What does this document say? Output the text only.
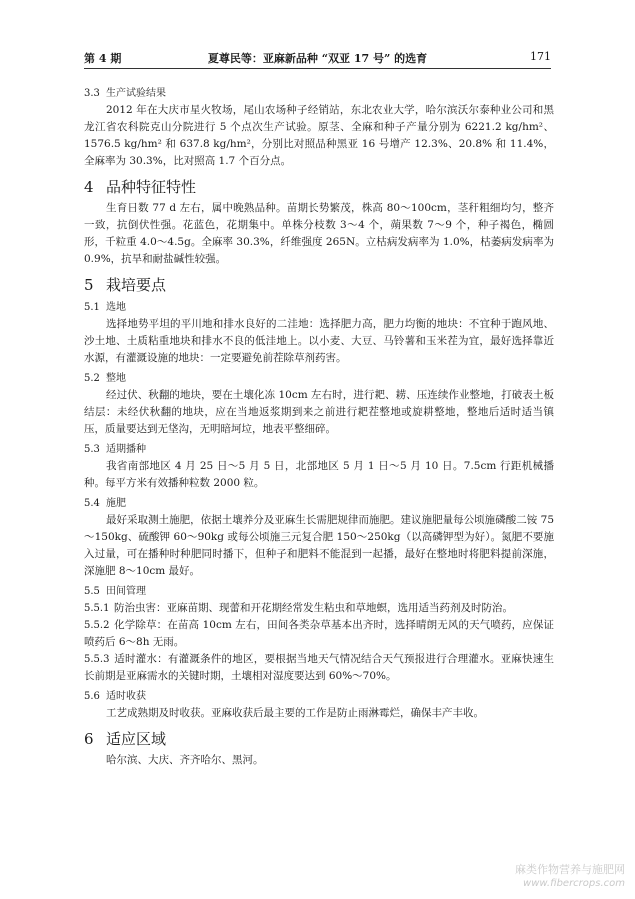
第 4 期	夏尊民等：亚麻新品种 “双亚 17 号” 的选育	171
3.3 生产试验结果

2012 年在大庆市星火牧场，尾山农场种子经销站，东北农业大学，哈尔滨沃尔泰种业公司和黑龙江省农科院克山分院进行 5 个点次生产试验。原茎、全麻和种子产量分别为 6221.2 kg/hm²、1576.5 kg/hm² 和 637.8 kg/hm²，分别比对照品种黑亚 16 号增产 12.3%、20.8% 和 11.4%，全麻率为 30.3%，比对照高 1.7 个百分点。

4 品种特征特性

生育日数 77 d 左右，属中晚熟品种。苗期长势繁茂，株高 80～100cm，茎秆粗细均匀，整齐一致，抗倒伏性强。花蓝色，花期集中。单株分枝数 3～4 个，蒴果数 7～9 个，种子褐色，椭圆形，千粒重 4.0～4.5g。全麻率 30.3%，纤维强度 265N。立枯病发病率为 1.0%，枯萎病发病率为 0.9%，抗旱和耐盐碱性较强。

5 栽培要点
5.1 选地

选择地势平坦的平川地和排水良好的二洼地：选择肥力高，肥力均衡的地块：不宜种于跑风地、沙土地、土质粘重地块和排水不良的低洼地上。以小麦、大豆、马铃薯和玉米茬为宜，最好选择靠近水源，有灌溉设施的地块：一定要避免前茬除草剂药害。

5.2 整地

经过伏、秋翻的地块，要在土壤化冻 10cm 左右时，进行耙、耢、压连续作业整地，打破表土板结层：未经伏秋翻的地块，应在当地返浆期到来之前进行耙茬整地或旋耕整地，整地后适时适当镇压，质量要达到无垡沟，无明暗坷垃，地表平整细碎。

5.3 适期播种

我省南部地区 4 月 25 日～5 月 5 日，北部地区 5 月 1 日～5 月 10 日。7.5cm 行距机械播种。每平方米有效播种粒数 2000 粒。

5.4 施肥

最好采取测土施肥，依据土壤养分及亚麻生长需肥规律而施肥。建议施肥量每公顷施磷酸二铵 75～150kg、硫酸钾 60～90kg 或每公顷施三元复合肥 150～250kg（以高磷钾型为好）。氮肥不要施入过量，可在播种时种肥同时播下，但种子和肥料不能混到一起播，最好在整地时将肥料提前深施，深施肥 8～10cm 最好。

5.5 田间管理

5.5.1 防治虫害：亚麻苗期、现蕾和开花期经常发生粘虫和草地螟，选用适当药剂及时防治。

5.5.2 化学除草：在苗高 10cm 左右，田间各类杂草基本出齐时，选择晴朗无风的天气喷药，应保证喷药后 6～8h 无雨。

5.5.3 适时灌水：有灌溉条件的地区，要根据当地天气情况结合天气预报进行合理灌水。亚麻快速生长前期是亚麻需水的关键时期，土壤相对湿度要达到 60%～70%。

5.6 适时收获

工艺成熟期及时收获。亚麻收获后最主要的工作是防止雨淋霉烂，确保丰产丰收。

6 适应区域

哈尔滨、大庆、齐齐哈尔、黑河。

麻类作物营养与施肥网
www.fibercrops.com
